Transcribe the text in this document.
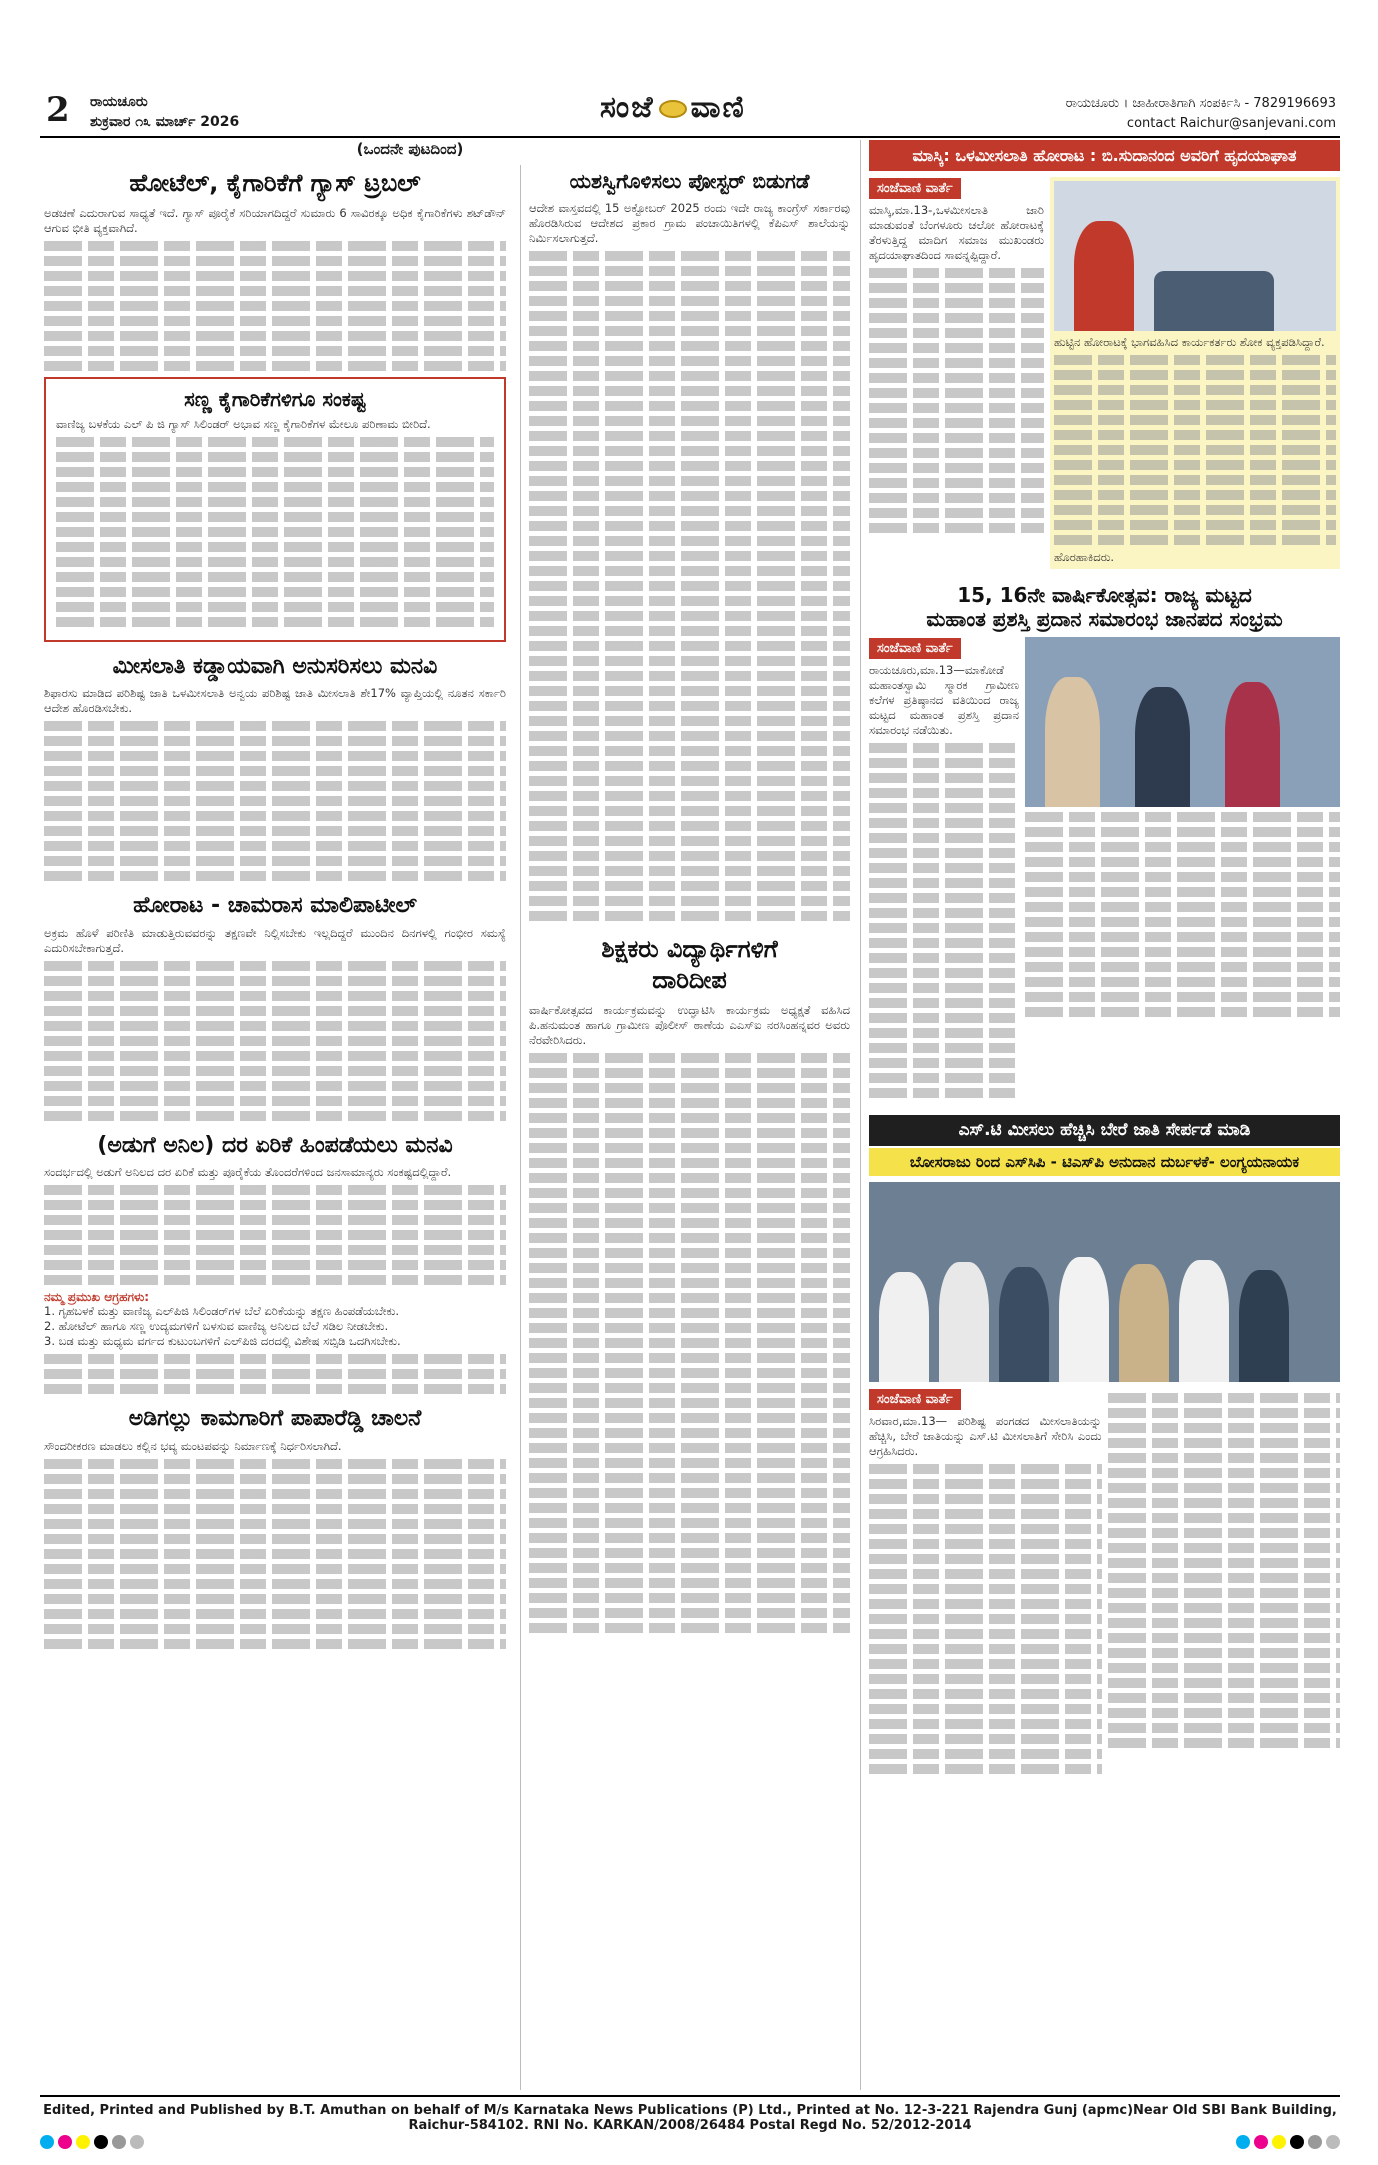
2 ರಾಯಚೂರು
ಶುಕ್ರವಾರ ೧೩ ಮಾರ್ಚ್ 2026	ಸಂಜೆ ವಾಣಿ	ರಾಯಚೂರು । ಜಾಹೀರಾತಿಗಾಗಿ ಸಂಪರ್ಕಿಸಿ - 7829196693
contact Raichur@sanjevani.com
(ಒಂದನೇ ಪುಟದಿಂದ)
ಹೋಟೆಲ್, ಕೈಗಾರಿಕೆಗೆ ಗ್ಯಾಸ್ ಟ್ರಬಲ್

ಅಡಚಣೆ ಎದುರಾಗುವ ಸಾಧ್ಯತೆ ಇದೆ. ಗ್ಯಾಸ್ ಪೂರೈಕೆ ಸರಿಯಾಗದಿದ್ದರೆ ಸುಮಾರು 6 ಸಾವಿರಕ್ಕೂ ಅಧಿಕ ಕೈಗಾರಿಕೆಗಳು ಶಟ್‌ಡೌನ್ ಆಗುವ ಭೀತಿ ವ್ಯಕ್ತವಾಗಿದೆ.

ಸಣ್ಣ ಕೈಗಾರಿಕೆಗಳಿಗೂ ಸಂಕಷ್ಟ

ವಾಣಿಜ್ಯ ಬಳಕೆಯ ಎಲ್ ಪಿ ಜಿ ಗ್ಯಾಸ್ ಸಿಲಿಂಡರ್ ಅಭಾವ ಸಣ್ಣ ಕೈಗಾರಿಕೆಗಳ ಮೇಲೂ ಪರಿಣಾಮ ಬೀರಿದೆ.

ಮೀಸಲಾತಿ ಕಡ್ಡಾಯವಾಗಿ ಅನುಸರಿಸಲು ಮನವಿ

ಶಿಫಾರಸು ಮಾಡಿದ ಪರಿಶಿಷ್ಟ ಜಾತಿ ಒಳಮೀಸಲಾತಿ ಅನ್ವಯ ಪರಿಶಿಷ್ಟ ಜಾತಿ ಮೀಸಲಾತಿ ಶೇ17% ವ್ಯಾಪ್ತಿಯಲ್ಲಿ ನೂತನ ಸರ್ಕಾರಿ ಆದೇಶ ಹೊರಡಿಸಬೇಕು.

ಹೋರಾಟ - ಚಾಮರಾಸ ಮಾಲಿಪಾಟೀಲ್

ಅಕ್ರಮ ಹೊಳೆ ಪರಿಣಿತಿ ಮಾಡುತ್ತಿರುವವರನ್ನು ತಕ್ಷಣವೇ ನಿಲ್ಲಿಸಬೇಕು ಇಲ್ಲದಿದ್ದರೆ ಮುಂದಿನ ದಿನಗಳಲ್ಲಿ ಗಂಭೀರ ಸಮಸ್ಯೆ ಎದುರಿಸಬೇಕಾಗುತ್ತದೆ.

(ಅಡುಗೆ ಅನಿಲ) ದರ ಏರಿಕೆ ಹಿಂಪಡೆಯಲು ಮನವಿ

ಸಂದರ್ಭದಲ್ಲಿ ಅಡುಗೆ ಅನಿಲದ ದರ ಏರಿಕೆ ಮತ್ತು ಪೂರೈಕೆಯ ತೊಂದರೆಗಳಿಂದ ಜನಸಾಮಾನ್ಯರು ಸಂಕಷ್ಟದಲ್ಲಿದ್ದಾರೆ.

ನಮ್ಮ ಪ್ರಮುಖ ಆಗ್ರಹಗಳು:

1. ಗೃಹಬಳಕೆ ಮತ್ತು ವಾಣಿಜ್ಯ ಎಲ್‌ಪಿಜಿ ಸಿಲಿಂಡರ್‌ಗಳ ಬೆಲೆ ಏರಿಕೆಯನ್ನು ತಕ್ಷಣ ಹಿಂಪಡೆಯಬೇಕು.

2. ಹೋಟೆಲ್ ಹಾಗೂ ಸಣ್ಣ ಉದ್ಯಮಗಳಿಗೆ ಬಳಸುವ ವಾಣಿಜ್ಯ ಅನಿಲದ ಬೆಲೆ ಸಡಿಲ ನೀಡಬೇಕು.

3. ಬಡ ಮತ್ತು ಮಧ್ಯಮ ವರ್ಗದ ಕುಟುಂಬಗಳಿಗೆ ಎಲ್‌ಪಿಜಿ ದರದಲ್ಲಿ ವಿಶೇಷ ಸಬ್ಸಿಡಿ ಒದಗಿಸಬೇಕು.

ಅಡಿಗಲ್ಲು ಕಾಮಗಾರಿಗೆ ಪಾಪಾರೆಡ್ಡಿ ಚಾಲನೆ

ಸೌಂದರೀಕರಣ ಮಾಡಲು ಕಲ್ಲಿನ ಭವ್ಯ ಮಂಟಪವನ್ನು ನಿರ್ಮಾಣಕ್ಕೆ ನಿರ್ಧರಿಸಲಾಗಿದೆ.

ಯಶಸ್ವಿಗೊಳಿಸಲು ಪೋಸ್ಟರ್ ಬಿಡುಗಡೆ

ಆದೇಶ ವಾಸ್ತವದಲ್ಲಿ 15 ಅಕ್ಟೋಬರ್ 2025 ರಂದು ಇದೇ ರಾಜ್ಯ ಕಾಂಗ್ರೆಸ್ ಸರ್ಕಾರವು ಹೊರಡಿಸಿರುವ ಆದೇಶದ ಪ್ರಕಾರ ಗ್ರಾಮ ಪಂಚಾಯಿತಿಗಳಲ್ಲಿ ಕೆಪಿಎಸ್ ಶಾಲೆಯನ್ನು ನಿರ್ಮಿಸಲಾಗುತ್ತದೆ.

ಶಿಕ್ಷಕರು ವಿದ್ಯಾರ್ಥಿಗಳಿಗೆ
ದಾರಿದೀಪ

ವಾರ್ಷಿಕೋತ್ಸವದ ಕಾರ್ಯಕ್ರಮವನ್ನು ಉದ್ಘಾಟಿಸಿ ಕಾರ್ಯಕ್ರಮ ಅಧ್ಯಕ್ಷತೆ ವಹಿಸಿದ ಪಿ.ಹನುಮಂತ ಹಾಗೂ ಗ್ರಾಮೀಣ ಪೊಲೀಸ್ ಠಾಣೆಯ ಎಎಸ್ಐ ನರಸಿಂಹನ್ನವರ ಅವರು ನೆರವೇರಿಸಿದರು.

ಮಾಸ್ಕಿ: ಒಳಮೀಸಲಾತಿ ಹೋರಾಟ : ಬಿ.ಸುದಾನಂದ ಅವರಿಗೆ ಹೃದಯಾಘಾತ
ಸಂಜೆವಾಣಿ ವಾರ್ತೆ

ಮಾಸ್ಕಿ,ಮಾ.13-,ಒಳಮೀಸಲಾತಿ ಜಾರಿ ಮಾಡುವಂತೆ ಬೆಂಗಳೂರು ಚಲೋ ಹೋರಾಟಕ್ಕೆ ತೆರಳುತ್ತಿದ್ದ ಮಾದಿಗ ಸಮಾಜ ಮುಖಂಡರು ಹೃದಯಾಘಾತದಿಂದ ಸಾವನ್ನಪ್ಪಿದ್ದಾರೆ.

ಹುಟ್ಟಿನ ಹೋರಾಟಕ್ಕೆ ಭಾಗವಹಿಸಿದ ಕಾರ್ಯಕರ್ತರು ಶೋಕ ವ್ಯಕ್ತಪಡಿಸಿದ್ದಾರೆ.

ಹೊರಹಾಕಿದರು.

15, 16ನೇ ವಾರ್ಷಿಕೋತ್ಸವ: ರಾಜ್ಯ ಮಟ್ಟದ
ಮಹಾಂತ ಪ್ರಶಸ್ತಿ ಪ್ರದಾನ ಸಮಾರಂಭ ಜಾನಪದ ಸಂಭ್ರಮ
ಸಂಜೆವಾಣಿ ವಾರ್ತೆ

ರಾಯಚೂರು,ಮಾ.13—ಮಾಕೋಡೆ ಮಹಾಂತಸ್ವಾಮಿ ಸ್ಮಾರಕ ಗ್ರಾಮೀಣ ಕಲೆಗಳ ಪ್ರತಿಷ್ಠಾನದ ವತಿಯಿಂದ ರಾಜ್ಯ ಮಟ್ಟದ ಮಹಾಂತ ಪ್ರಶಸ್ತಿ ಪ್ರದಾನ ಸಮಾರಂಭ ನಡೆಯಿತು.

ಎಸ್.ಟಿ ಮೀಸಲು ಹೆಚ್ಚಿಸಿ ಬೇರೆ ಜಾತಿ ಸೇರ್ಪಡೆ ಮಾಡಿ
ಬೋಸರಾಜು ರಿಂದ ಎಸ್‌ಸಿಪಿ - ಟಿಎಸ್‌ಪಿ ಅನುದಾನ ದುರ್ಬಳಕೆ- ಲಂಗ್ಯಯನಾಯಕ
ಸಂಜೆವಾಣಿ ವಾರ್ತೆ

ಸಿರವಾರ,ಮಾ.13— ಪರಿಶಿಷ್ಟ ಪಂಗಡದ ಮೀಸಲಾತಿಯನ್ನು ಹೆಚ್ಚಿಸಿ, ಬೇರೆ ಜಾತಿಯನ್ನು ಎಸ್.ಟಿ ಮೀಸಲಾತಿಗೆ ಸೇರಿಸಿ ಎಂದು ಆಗ್ರಹಿಸಿದರು.

Edited, Printed and Published by B.T. Amuthan on behalf of M/s Karnataka News Publications (P) Ltd., Printed at No. 12-3-221 Rajendra Gunj (apmc)Near Old SBI Bank Building, Raichur-584102. RNI No. KARKAN/2008/26484 Postal Regd No. 52/2012-2014
